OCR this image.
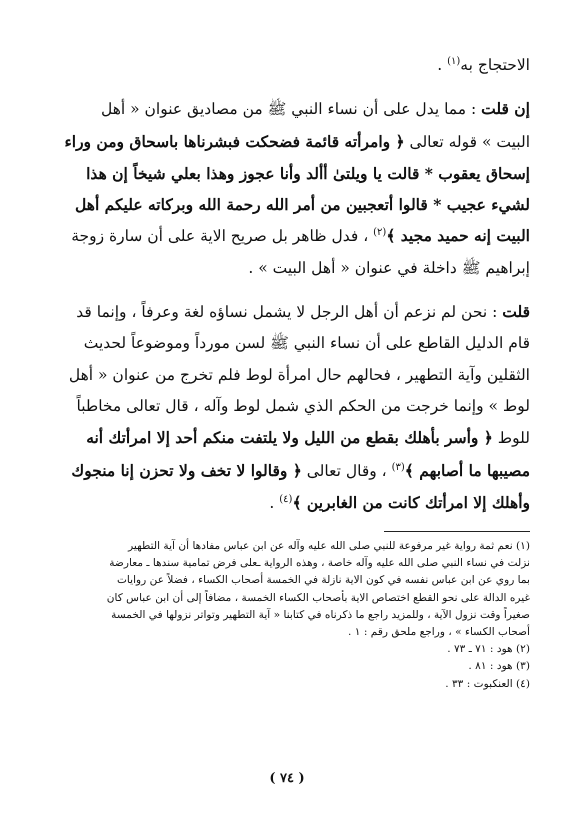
الاحتجاج به$^{(١)}$ .

إن قلت : مما يدل على أن نساء النبي ﷺ من مصاديق عنوان « أهل
البيت » قوله تعالى ﴿ وامرأته قائمة فضحكت فبشرناها باسحاق ومن وراء
إسحاق يعقوب * قالت يا ويلتىٰ أألد وأنا عجوز وهذا بعلي شيخاً إن هذا
لشيء عجيب * قالوا أتعجبين من أمر الله رحمة الله وبركاته عليكم أهل
البيت إنه حميد مجيد ﴾$^{(٢)}$ ، فدل ظاهر بل صريح الاية على أن سارة زوجة
إبراهيم ﷺ داخلة في عنوان « أهل البيت » .

قلت : نحن لم نزعم أن أهل الرجل لا يشمل نساؤه لغة وعرفاً ، وإنما قد
قام الدليل القاطع على أن نساء النبي ﷺ لسن مورداً وموضوعاً لحديث
الثقلين وآية التطهير ، فحالهم حال امرأة لوط فلم تخرج من عنوان « أهل
لوط » وإنما خرجت من الحكم الذي شمل لوط وآله ، قال تعالى مخاطباً
للوط ﴿ وأسر بأهلك بقطع من الليل ولا يلتفت منكم أحد إلا امرأتك أنه
مصيبها ما أصابهم ﴾$^{(٣)}$ ، وقال تعالى ﴿ وقالوا لا تخف ولا تحزن إنا منجوك
وأهلك إلا امرأتك كانت من الغابرين ﴾$^{(٤)}$ .

(١) نعم ثمة رواية غير مرفوعة للنبي صلى الله عليه وآله عن ابن عباس مفادها أن آية التطهير
نزلت في نساء النبي صلى الله عليه وآله خاصة ، وهذه الرواية ـعلى فرض تمامية سندها ـ معارضة
بما روي عن ابن عباس نفسه في كون الاية نازلة في الخمسة أصحاب الكساء ، فضلاً عن روايات
غيره الدالة على نحو القطع اختصاص الاية بأصحاب الكساء الخمسة ، مضافاً إلى أن ابن عباس كان
صغيراً وقت نزول الآية ، وللمزيد راجع ما ذكرناه في كتابنا « آية التطهير وتواتر نزولها في الخمسة
أصحاب الكساء » ، وراجع ملحق رقم : ١ .
(٢) هود : ٧١ ـ ٧٣ .
(٣) هود : ٨١ .
(٤) العنكبوت : ٣٣ .
( ٧٤ )
